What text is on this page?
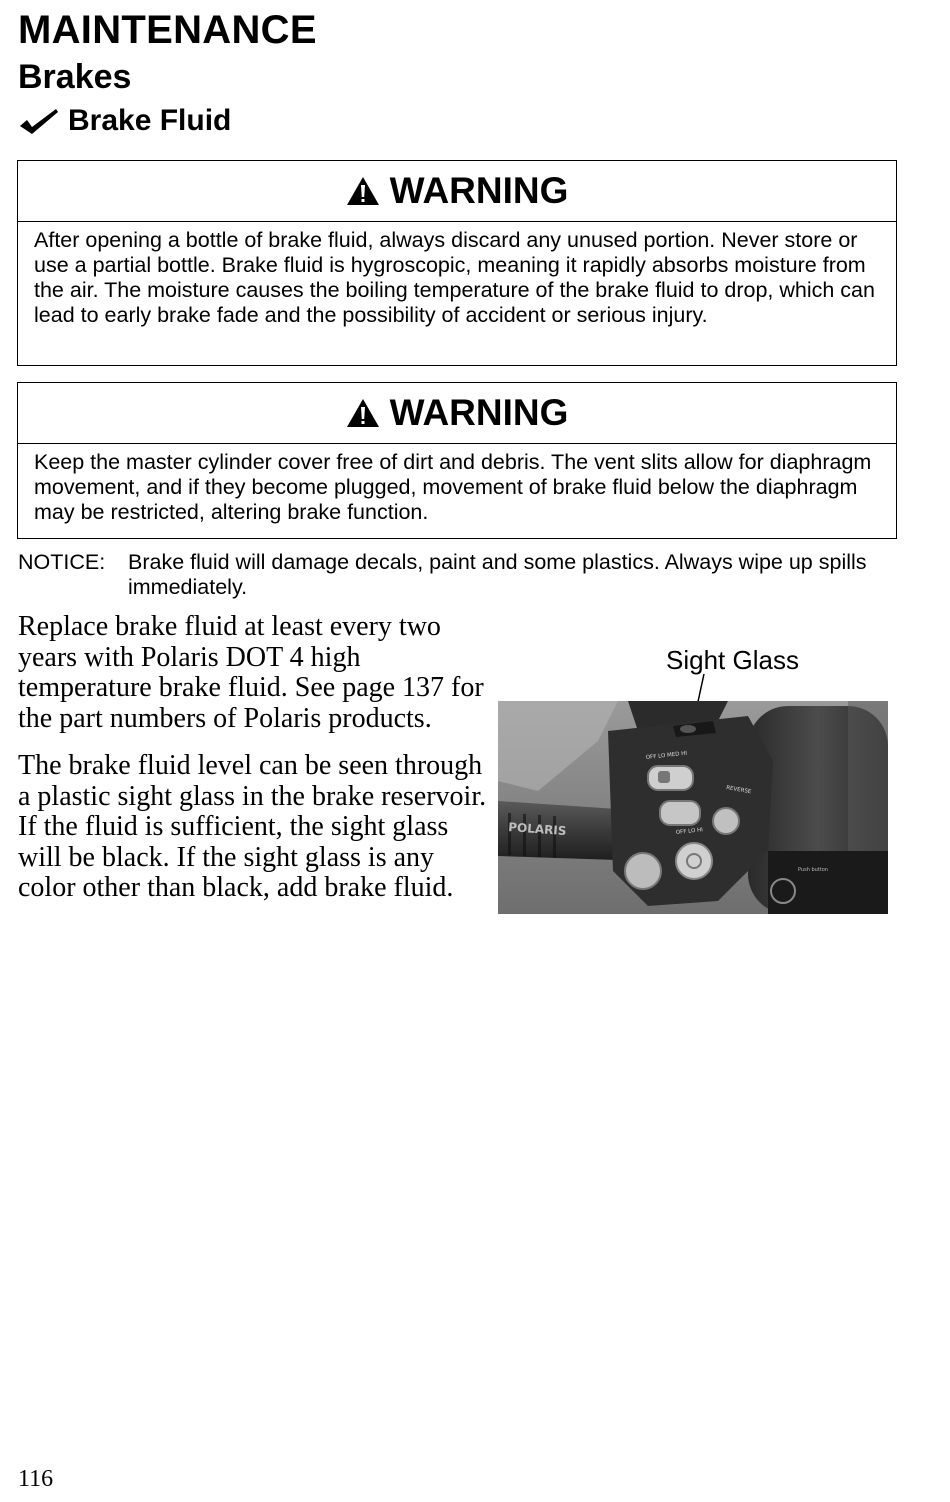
MAINTENANCE
Brakes
Brake Fluid
WARNING
After opening a bottle of brake fluid, always discard any unused portion. Never store or use a partial bottle. Brake fluid is hygroscopic, meaning it rapidly absorbs moisture from the air. The moisture causes the boiling temperature of the brake fluid to drop, which can lead to early brake fade and the possibility of accident or serious injury.
WARNING
Keep the master cylinder cover free of dirt and debris. The vent slits allow for diaphragm movement, and if they become plugged, movement of brake fluid below the diaphragm may be restricted, altering brake function.
NOTICE:	Brake fluid will damage decals, paint and some plastics. Always wipe up spills immediately.
Replace brake fluid at least every two years with Polaris DOT 4 high temperature brake fluid. See page 137 for the part numbers of Polaris products.
The brake fluid level can be seen through a plastic sight glass in the brake reservoir. If the fluid is sufficient, the sight glass will be black. If the sight glass is any color other than black, add brake fluid.
Sight Glass
Push button
POLARIS
OFF LO MED HI
REVERSE
OFF LO HI
116
